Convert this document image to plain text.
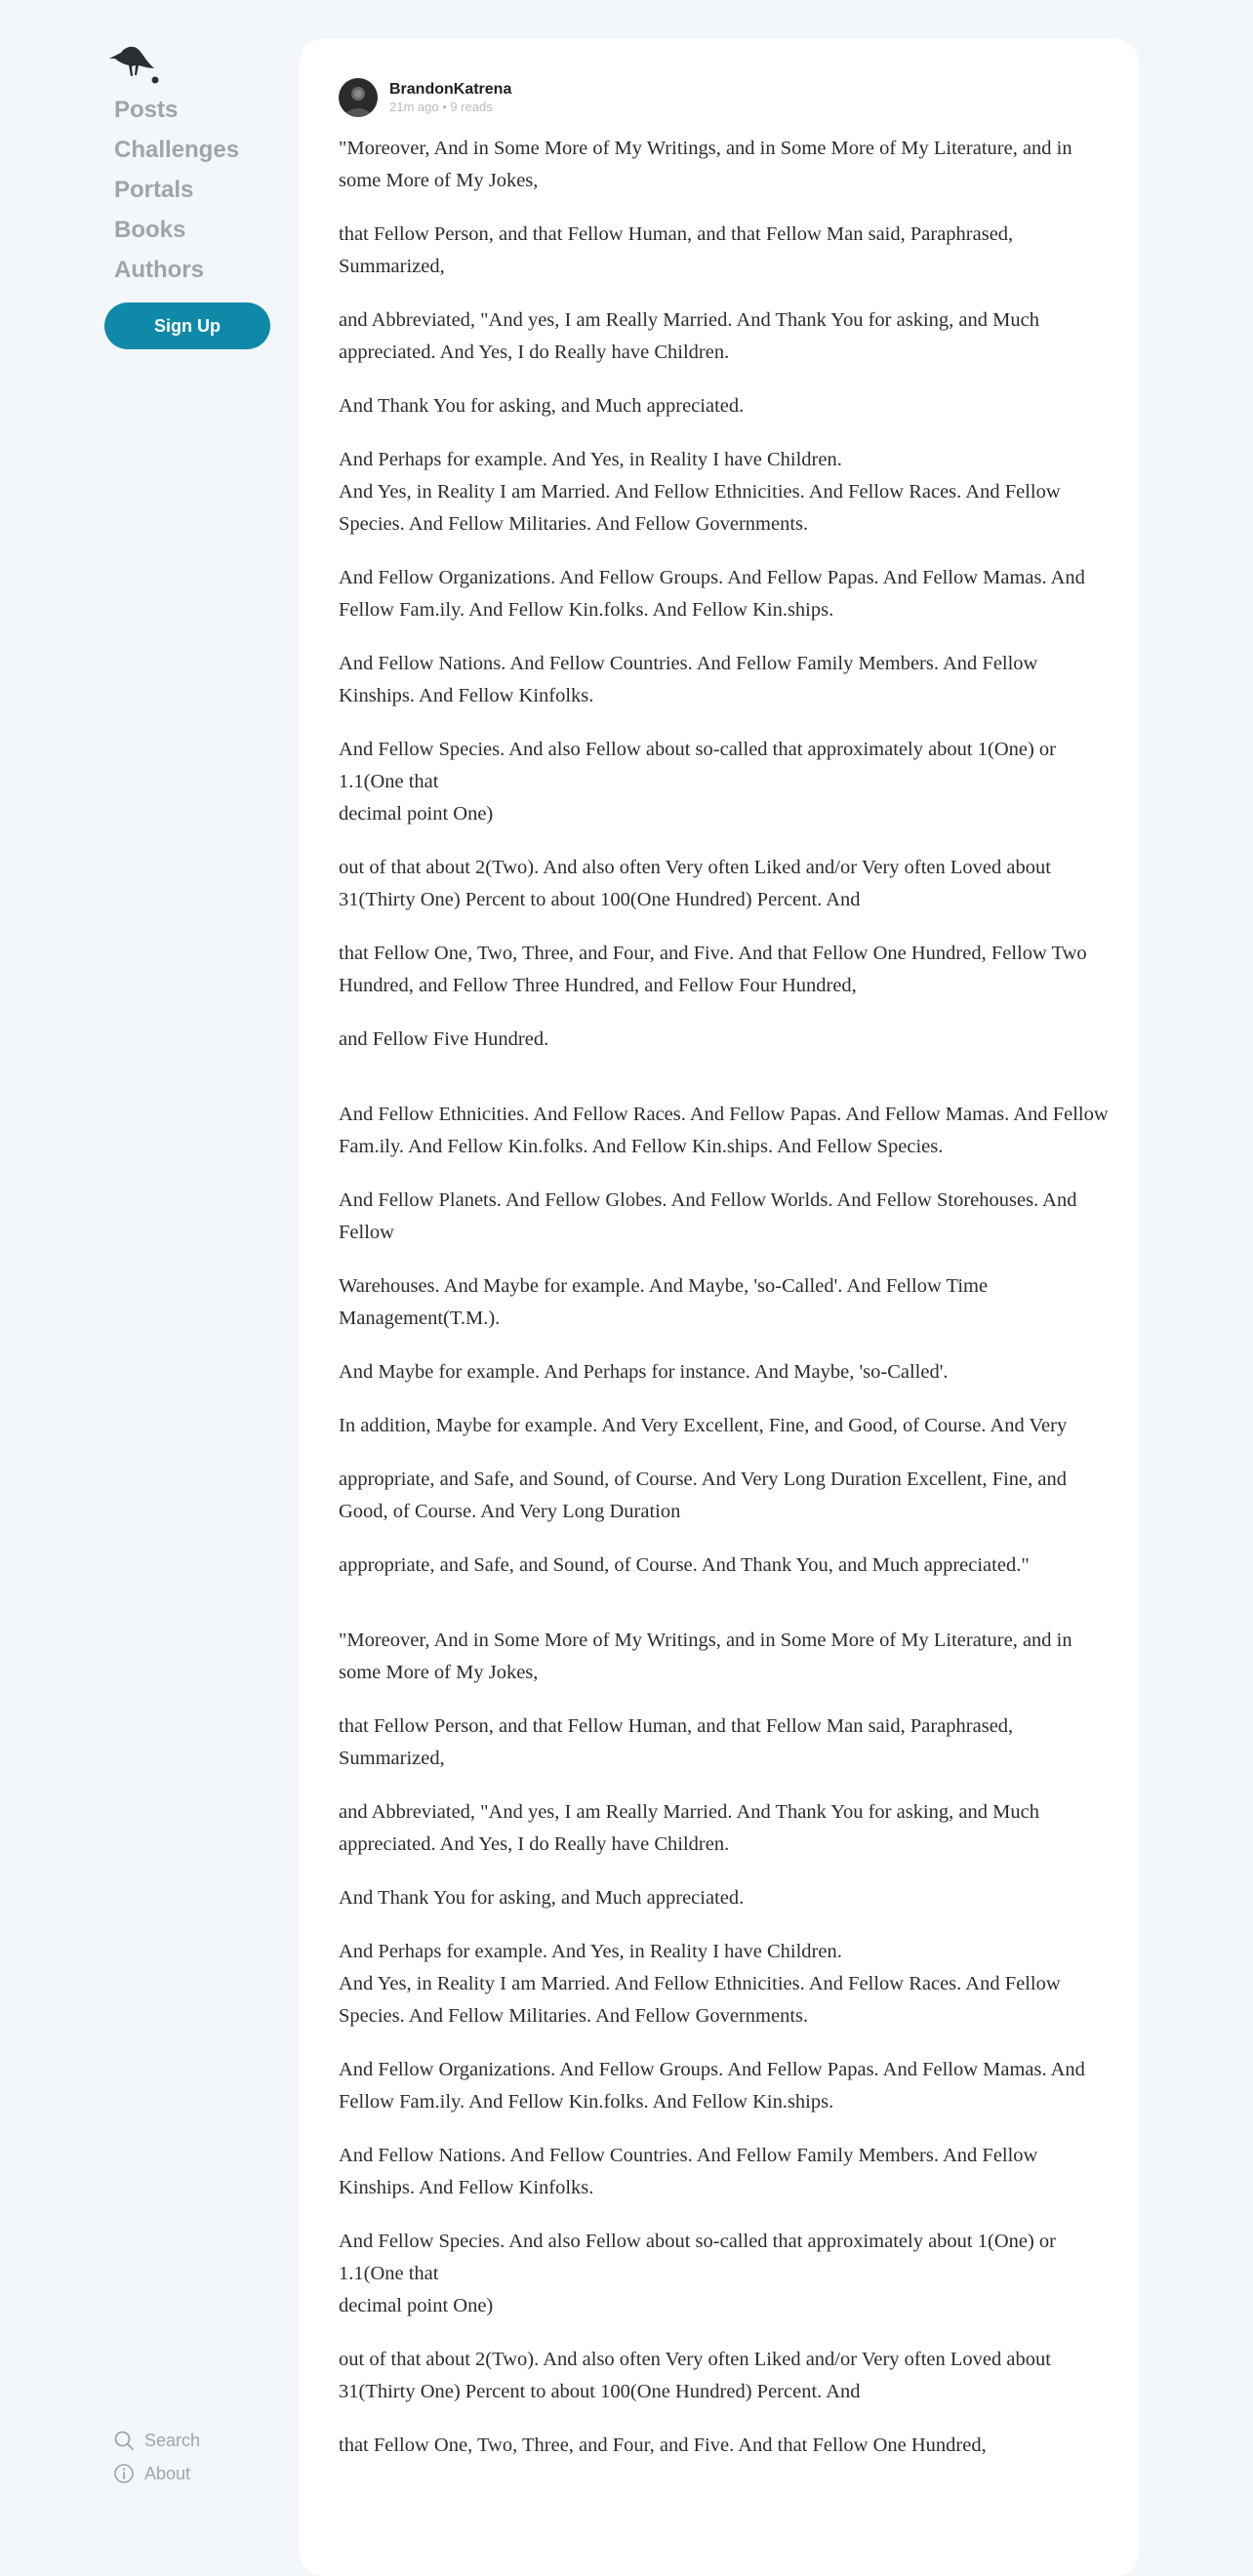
Posts
Challenges
Portals
Books
Authors
Sign Up
Search
About
BrandonKatrena
21m ago • 9 reads

"Moreover, And in Some More of My Writings, and in Some More of My Literature, and in some More of My Jokes,

that Fellow Person, and that Fellow Human, and that Fellow Man said, Paraphrased, Summarized,

and Abbreviated, "And yes, I am Really Married. And Thank You for asking, and Much appreciated. And Yes, I do Really have Children.

And Thank You for asking, and Much appreciated.

And Perhaps for example. And Yes, in Reality I have Children.
And Yes, in Reality I am Married. And Fellow Ethnicities. And Fellow Races. And Fellow Species. And Fellow Militaries. And Fellow Governments.

And Fellow Organizations. And Fellow Groups. And Fellow Papas. And Fellow Mamas. And Fellow Fam.ily. And Fellow Kin.folks. And Fellow Kin.ships.

And Fellow Nations. And Fellow Countries. And Fellow Family Members. And Fellow Kinships. And Fellow Kinfolks.

And Fellow Species. And also Fellow about so-called that approximately about 1(One) or 1.1(One that
decimal point One)

out of that about 2(Two). And also often Very often Liked and/or Very often Loved about 31(Thirty One) Percent to about 100(One Hundred) Percent. And

that Fellow One, Two, Three, and Four, and Five. And that Fellow One Hundred, Fellow Two Hundred, and Fellow Three Hundred, and Fellow Four Hundred,

and Fellow Five Hundred.

And Fellow Ethnicities. And Fellow Races. And Fellow Papas. And Fellow Mamas. And Fellow Fam.ily. And Fellow Kin.folks. And Fellow Kin.ships. And Fellow Species.

And Fellow Planets. And Fellow Globes. And Fellow Worlds. And Fellow Storehouses. And Fellow

Warehouses. And Maybe for example. And Maybe, 'so-Called'. And Fellow Time Management(T.M.).

And Maybe for example. And Perhaps for instance. And Maybe, 'so-Called'.

In addition, Maybe for example. And Very Excellent, Fine, and Good, of Course. And Very

appropriate, and Safe, and Sound, of Course. And Very Long Duration Excellent, Fine, and Good, of Course. And Very Long Duration

appropriate, and Safe, and Sound, of Course. And Thank You, and Much appreciated."

"Moreover, And in Some More of My Writings, and in Some More of My Literature, and in some More of My Jokes,

that Fellow Person, and that Fellow Human, and that Fellow Man said, Paraphrased, Summarized,

and Abbreviated, "And yes, I am Really Married. And Thank You for asking, and Much appreciated. And Yes, I do Really have Children.

And Thank You for asking, and Much appreciated.

And Perhaps for example. And Yes, in Reality I have Children.
And Yes, in Reality I am Married. And Fellow Ethnicities. And Fellow Races. And Fellow Species. And Fellow Militaries. And Fellow Governments.

And Fellow Organizations. And Fellow Groups. And Fellow Papas. And Fellow Mamas. And Fellow Fam.ily. And Fellow Kin.folks. And Fellow Kin.ships.

And Fellow Nations. And Fellow Countries. And Fellow Family Members. And Fellow Kinships. And Fellow Kinfolks.

And Fellow Species. And also Fellow about so-called that approximately about 1(One) or 1.1(One that
decimal point One)

out of that about 2(Two). And also often Very often Liked and/or Very often Loved about 31(Thirty One) Percent to about 100(One Hundred) Percent. And

that Fellow One, Two, Three, and Four, and Five. And that Fellow One Hundred,
